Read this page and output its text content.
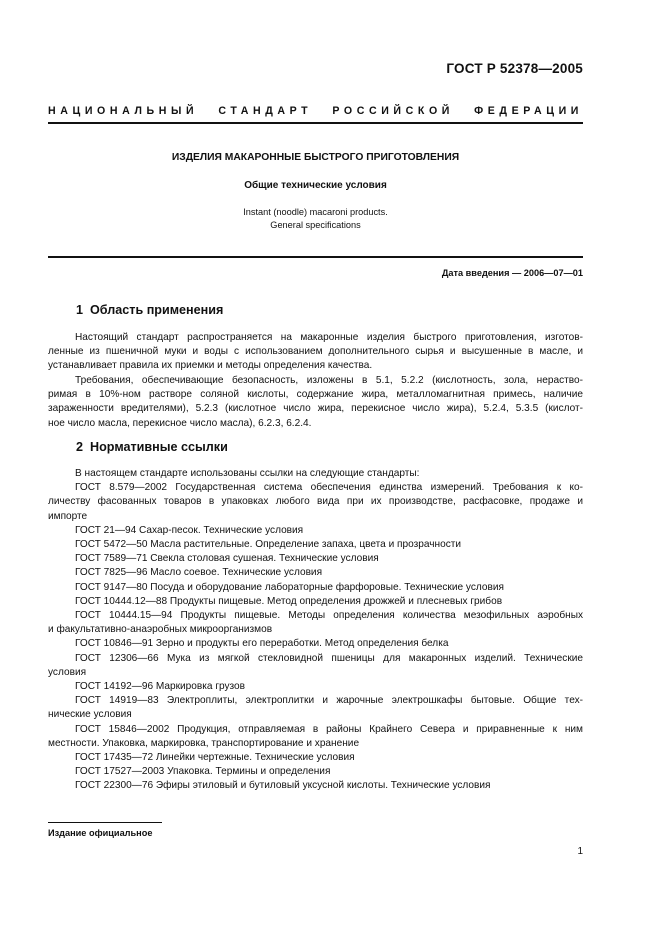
ГОСТ Р 52378—2005
НАЦИОНАЛЬНЫЙ СТАНДАРТ РОССИЙСКОЙ ФЕДЕРАЦИИ
ИЗДЕЛИЯ МАКАРОННЫЕ БЫСТРОГО ПРИГОТОВЛЕНИЯ
Общие технические условия
Instant (noodle) macaroni products.
General specifications
Дата введения — 2006—07—01
1 Область применения
Настоящий стандарт распространяется на макаронные изделия быстрого приготовления, изготов-
ленные из пшеничной муки и воды с использованием дополнительного сырья и высушенные в масле, и
устанавливает правила их приемки и методы определения качества.
Требования, обеспечивающие безопасность, изложены в 5.1, 5.2.2 (кислотность, зола, нераство-
римая в 10%-ном растворе соляной кислоты, содержание жира, металломагнитная примесь, наличие
зараженности вредителями), 5.2.3 (кислотное число жира, перекисное число жира), 5.2.4, 5.3.5 (кислот-
ное число масла, перекисное число масла), 6.2.3, 6.2.4.
2 Нормативные ссылки
В настоящем стандарте использованы ссылки на следующие стандарты:
ГОСТ 8.579—2002 Государственная система обеспечения единства измерений. Требования к ко-
личеству фасованных товаров в упаковках любого вида при их производстве, расфасовке, продаже и
импорте
ГОСТ 21—94 Сахар-песок. Технические условия
ГОСТ 5472—50 Масла растительные. Определение запаха, цвета и прозрачности
ГОСТ 7589—71 Свекла столовая сушеная. Технические условия
ГОСТ 7825—96 Масло соевое. Технические условия
ГОСТ 9147—80 Посуда и оборудование лабораторные фарфоровые. Технические условия
ГОСТ 10444.12—88 Продукты пищевые. Метод определения дрожжей и плесневых грибов
ГОСТ 10444.15—94 Продукты пищевые. Методы определения количества мезофильных аэробных
и факультативно-анаэробных микроорганизмов
ГОСТ 10846—91 Зерно и продукты его переработки. Метод определения белка
ГОСТ 12306—66 Мука из мягкой стекловидной пшеницы для макаронных изделий. Технические
условия
ГОСТ 14192—96 Маркировка грузов
ГОСТ 14919—83 Электроплиты, электроплитки и жарочные электрошкафы бытовые. Общие тех-
нические условия
ГОСТ 15846—2002 Продукция, отправляемая в районы Крайнего Севера и приравненные к ним
местности. Упаковка, маркировка, транспортирование и хранение
ГОСТ 17435—72 Линейки чертежные. Технические условия
ГОСТ 17527—2003 Упаковка. Термины и определения
ГОСТ 22300—76 Эфиры этиловый и бутиловый уксусной кислоты. Технические условия
Издание официальное
1
